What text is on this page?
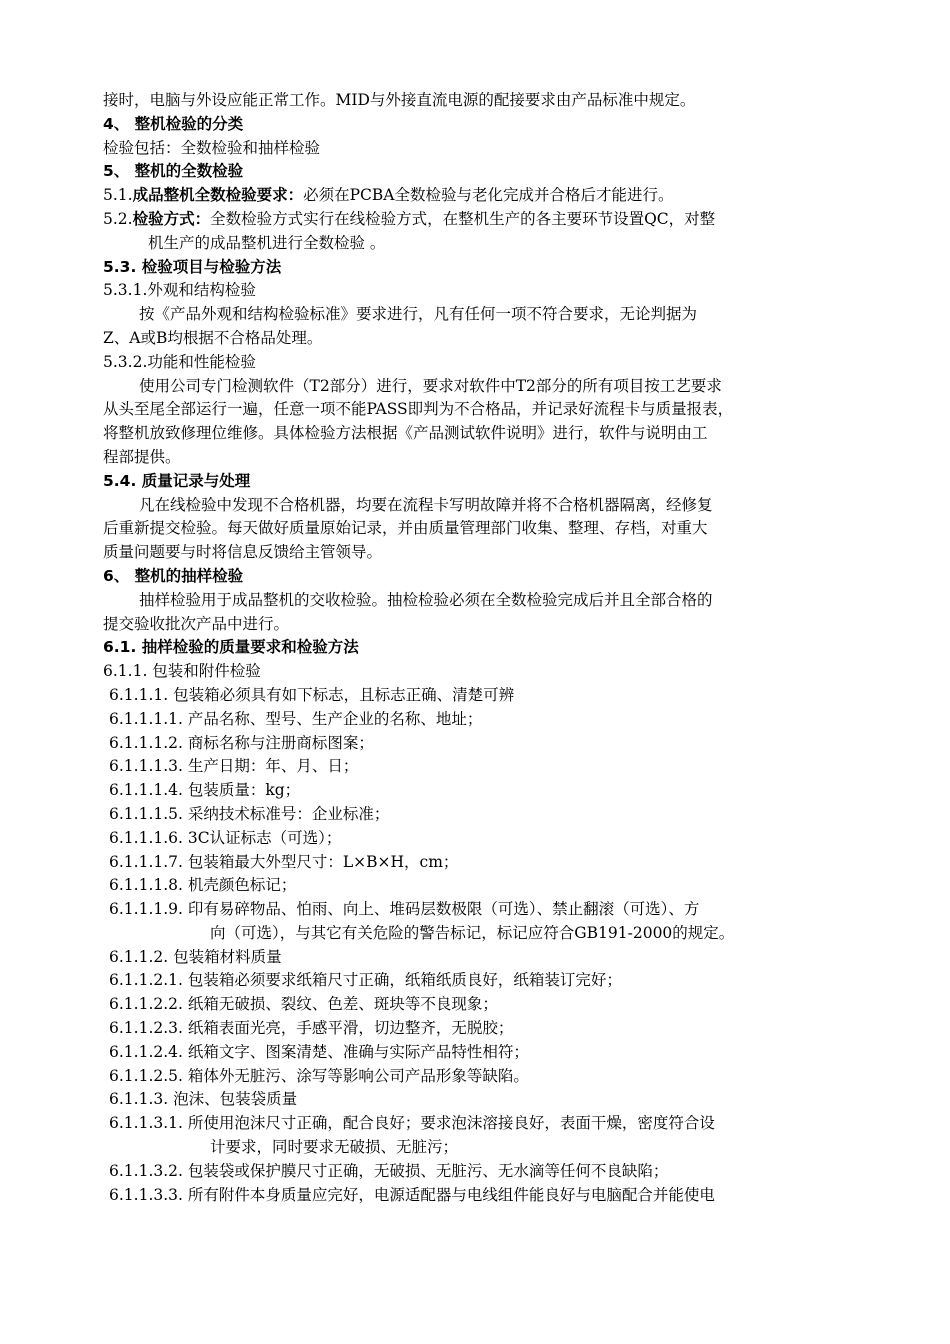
接时，电脑与外设应能正常工作。MID与外接直流电源的配接要求由产品标准中规定。
4、 整机检验的分类
检验包括：全数检验和抽样检验
5、 整机的全数检验
5.1.成品整机全数检验要求：必须在PCBA全数检验与老化完成并合格后才能进行。
5.2.检验方式：全数检验方式实行在线检验方式，在整机生产的各主要环节设置QC，对整
机生产的成品整机进行全数检验 。
5.3. 检验项目与检验方法
5.3.1.外观和结构检验
按《产品外观和结构检验标准》要求进行，凡有任何一项不符合要求，无论判据为
Z、A或B均根据不合格品处理。
5.3.2.功能和性能检验
使用公司专门检测软件（T2部分）进行，要求对软件中T2部分的所有项目按工艺要求
从头至尾全部运行一遍，任意一项不能PASS即判为不合格品，并记录好流程卡与质量报表，
将整机放致修理位维修。具体检验方法根据《产品测试软件说明》进行，软件与说明由工
程部提供。
5.4. 质量记录与处理
凡在线检验中发现不合格机器，均要在流程卡写明故障并将不合格机器隔离，经修复
后重新提交检验。每天做好质量原始记录，并由质量管理部门收集、整理、存档，对重大
质量问题要与时将信息反馈给主管领导。
6、 整机的抽样检验
抽样检验用于成品整机的交收检验。抽检检验必须在全数检验完成后并且全部合格的
提交验收批次产品中进行。
6.1. 抽样检验的质量要求和检验方法
6.1.1. 包装和附件检验
6.1.1.1. 包装箱必须具有如下标志，且标志正确、清楚可辨
6.1.1.1.1. 产品名称、型号、生产企业的名称、地址；
6.1.1.1.2. 商标名称与注册商标图案；
6.1.1.1.3. 生产日期：年、月、日；
6.1.1.1.4. 包装质量：kg；
6.1.1.1.5. 采纳技术标准号：企业标准；
6.1.1.1.6. 3C认证标志（可选）；
6.1.1.1.7. 包装箱最大外型尺寸：L×B×H，cm；
6.1.1.1.8. 机壳颜色标记；
6.1.1.1.9. 印有易碎物品、怕雨、向上、堆码层数极限（可选）、禁止翻滚（可选）、方
向（可选），与其它有关危险的警告标记，标记应符合GB191-2000的规定。
6.1.1.2. 包装箱材料质量
6.1.1.2.1. 包装箱必须要求纸箱尺寸正确，纸箱纸质良好，纸箱装订完好；
6.1.1.2.2. 纸箱无破损、裂纹、色差、斑块等不良现象；
6.1.1.2.3. 纸箱表面光亮，手感平滑，切边整齐，无脱胶；
6.1.1.2.4. 纸箱文字、图案清楚、准确与实际产品特性相符；
6.1.1.2.5. 箱体外无脏污、涂写等影响公司产品形象等缺陷。
6.1.1.3. 泡沫、包装袋质量
6.1.1.3.1. 所使用泡沫尺寸正确，配合良好；要求泡沫溶接良好，表面干燥，密度符合设
计要求，同时要求无破损、无脏污；
6.1.1.3.2. 包装袋或保护膜尺寸正确，无破损、无脏污、无水滴等任何不良缺陷；
6.1.1.3.3. 所有附件本身质量应完好，电源适配器与电线组件能良好与电脑配合并能使电
